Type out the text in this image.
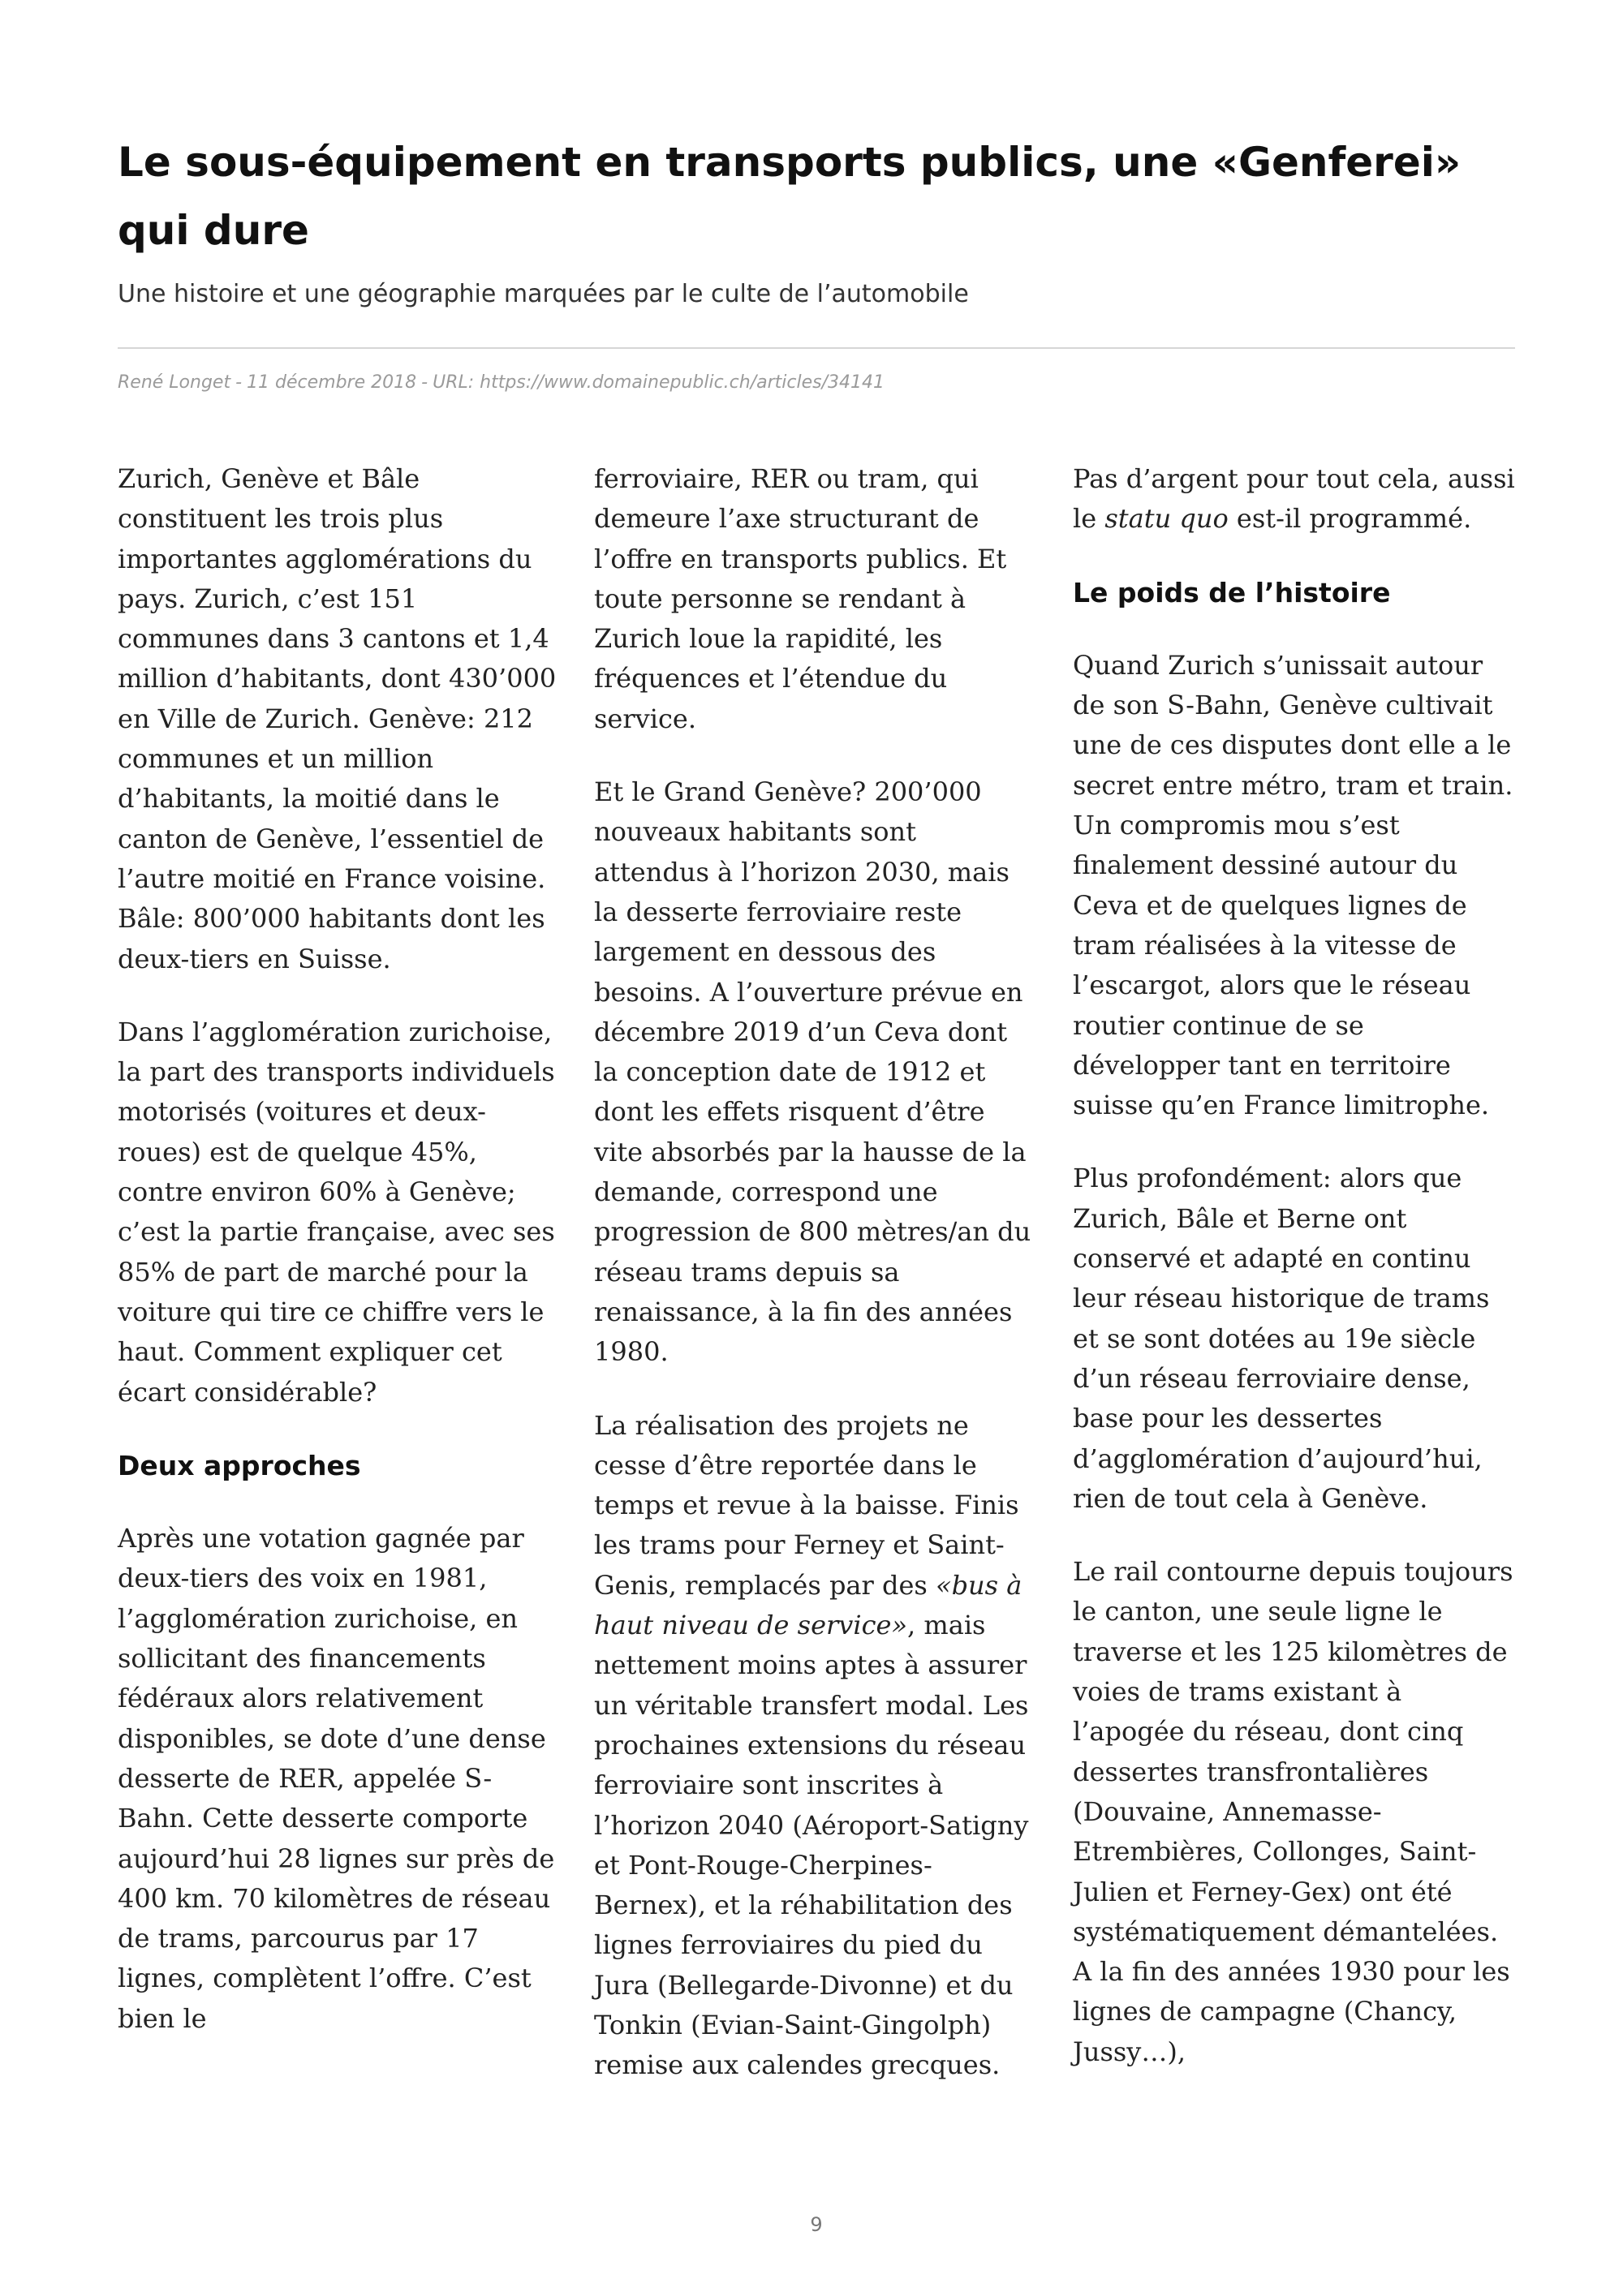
Le sous-équipement en transports publics, une «Genferei» qui dure
Une histoire et une géographie marquées par le culte de l’automobile
René Longet - 11 décembre 2018 - URL: https://www.domainepublic.ch/articles/34141

Zurich, Genève et Bâle constituent les trois plus importantes agglomérations du pays. Zurich, c’est 151 communes dans 3 cantons et 1,4 million d’habitants, dont 430’000 en Ville de Zurich. Genève: 212 communes et un million d’habitants, la moitié dans le canton de Genève, l’essentiel de l’autre moitié en France voisine. Bâle: 800’000 habitants dont les deux-tiers en Suisse.

Dans l’agglomération zurichoise, la part des transports individuels motorisés (voitures et deux-roues) est de quelque 45%, contre environ 60% à Genève; c’est la partie française, avec ses 85% de part de marché pour la voiture qui tire ce chiffre vers le haut. Comment expliquer cet écart considérable?

Deux approches

Après une votation gagnée par deux-tiers des voix en 1981, l’agglomération zurichoise, en sollicitant des financements fédéraux alors relativement disponibles, se dote d’une dense desserte de RER, appelée S-Bahn. Cette desserte comporte aujourd’hui 28 lignes sur près de 400 km. 70 kilomètres de réseau de trams, parcourus par 17 lignes, complètent l’offre. C’est bien le

ferroviaire, RER ou tram, qui demeure l’axe structurant de l’offre en transports publics. Et toute personne se rendant à Zurich loue la rapidité, les fréquences et l’étendue du service.

Et le Grand Genève? 200’000 nouveaux habitants sont attendus à l’horizon 2030, mais la desserte ferroviaire reste largement en dessous des besoins. A l’ouverture prévue en décembre 2019 d’un Ceva dont la conception date de 1912 et dont les effets risquent d’être vite absorbés par la hausse de la demande, correspond une progression de 800 mètres/an du réseau trams depuis sa renaissance, à la fin des années 1980.

La réalisation des projets ne cesse d’être reportée dans le temps et revue à la baisse. Finis les trams pour Ferney et Saint-Genis, remplacés par des «bus à haut niveau de service», mais nettement moins aptes à assurer un véritable transfert modal. Les prochaines extensions du réseau ferroviaire sont inscrites à l’horizon 2040 (Aéroport-Satigny et Pont-Rouge-Cherpines-Bernex), et la réhabilitation des lignes ferroviaires du pied du Jura (Bellegarde-Divonne) et du Tonkin (Evian-Saint-Gingolph) remise aux calendes grecques.

Pas d’argent pour tout cela, aussi le statu quo est-il programmé.

Le poids de l’histoire

Quand Zurich s’unissait autour de son S-Bahn, Genève cultivait une de ces disputes dont elle a le secret entre métro, tram et train. Un compromis mou s’est finalement dessiné autour du Ceva et de quelques lignes de tram réalisées à la vitesse de l’escargot, alors que le réseau routier continue de se développer tant en territoire suisse qu’en France limitrophe.

Plus profondément: alors que Zurich, Bâle et Berne ont conservé et adapté en continu leur réseau historique de trams et se sont dotées au 19e siècle d’un réseau ferroviaire dense, base pour les dessertes d’agglomération d’aujourd’hui, rien de tout cela à Genève.

Le rail contourne depuis toujours le canton, une seule ligne le traverse et les 125 kilomètres de voies de trams existant à l’apogée du réseau, dont cinq dessertes transfrontalières (Douvaine, Annemasse-Etrembières, Collonges, Saint-Julien et Ferney-Gex) ont été systématiquement démantelées. A la fin des années 1930 pour les lignes de campagne (Chancy, Jussy…),

9
